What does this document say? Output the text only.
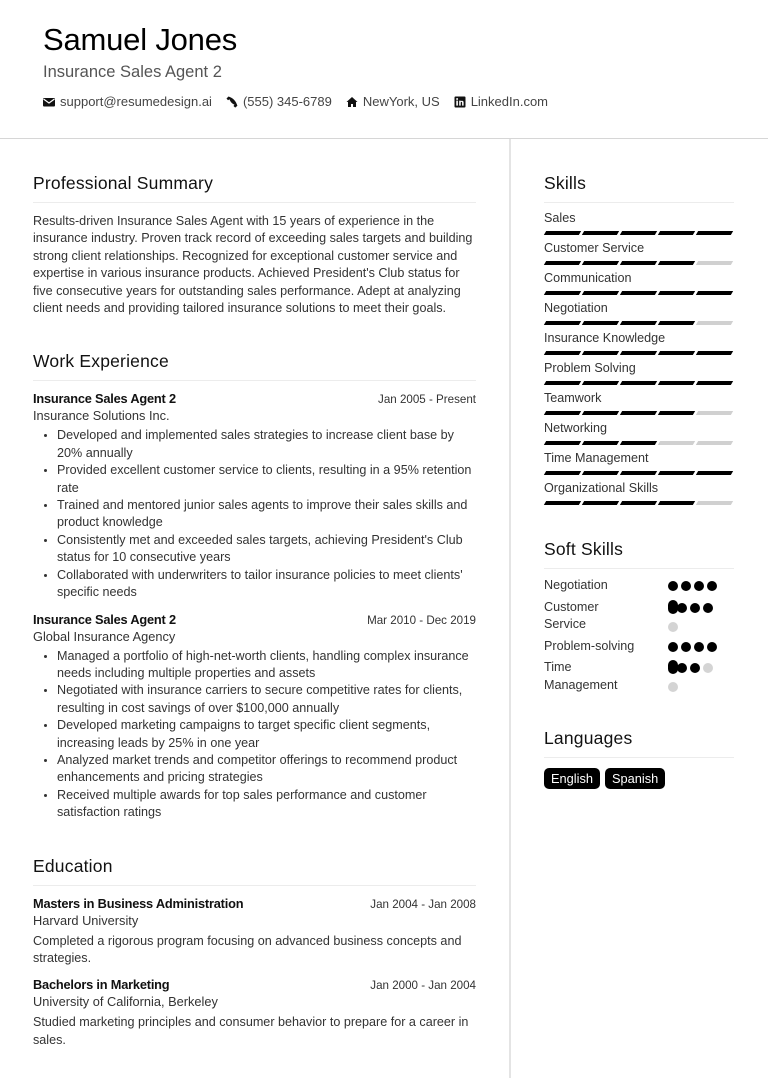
Samuel Jones
Insurance Sales Agent 2
support@resumedesign.ai (555) 345-6789 NewYork, US LinkedIn.com
Professional Summary

Results-driven Insurance Sales Agent with 15 years of experience in the insurance industry. Proven track record of exceeding sales targets and building strong client relationships. Recognized for exceptional customer service and expertise in various insurance products. Achieved President's Club status for five consecutive years for outstanding sales performance. Adept at analyzing client needs and providing tailored insurance solutions to meet their goals.

Work Experience
Insurance Sales Agent 2	Jan 2005 - Present
Insurance Solutions Inc.
• Developed and implemented sales strategies to increase client base by 20% annually
• Provided excellent customer service to clients, resulting in a 95% retention rate
• Trained and mentored junior sales agents to improve their sales skills and product knowledge
• Consistently met and exceeded sales targets, achieving President's Club status for 10 consecutive years
• Collaborated with underwriters to tailor insurance policies to meet clients' specific needs
Insurance Sales Agent 2	Mar 2010 - Dec 2019
Global Insurance Agency
• Managed a portfolio of high-net-worth clients, handling complex insurance needs including multiple properties and assets
• Negotiated with insurance carriers to secure competitive rates for clients, resulting in cost savings of over $100,000 annually
• Developed marketing campaigns to target specific client segments, increasing leads by 25% in one year
• Analyzed market trends and competitor offerings to recommend product enhancements and pricing strategies
• Received multiple awards for top sales performance and customer satisfaction ratings
Education
Masters in Business Administration	Jan 2004 - Jan 2008
Harvard University

Completed a rigorous program focusing on advanced business concepts and strategies.

Bachelors in Marketing	Jan 2000 - Jan 2004
University of California, Berkeley

Studied marketing principles and consumer behavior to prepare for a career in sales.

Skills
Sales
Customer Service
Communication
Negotiation
Insurance Knowledge
Problem Solving
Teamwork
Networking
Time Management
Organizational Skills
Soft Skills
Negotiation
Customer Service
Problem-solving
Time Management
Languages
English	Spanish
